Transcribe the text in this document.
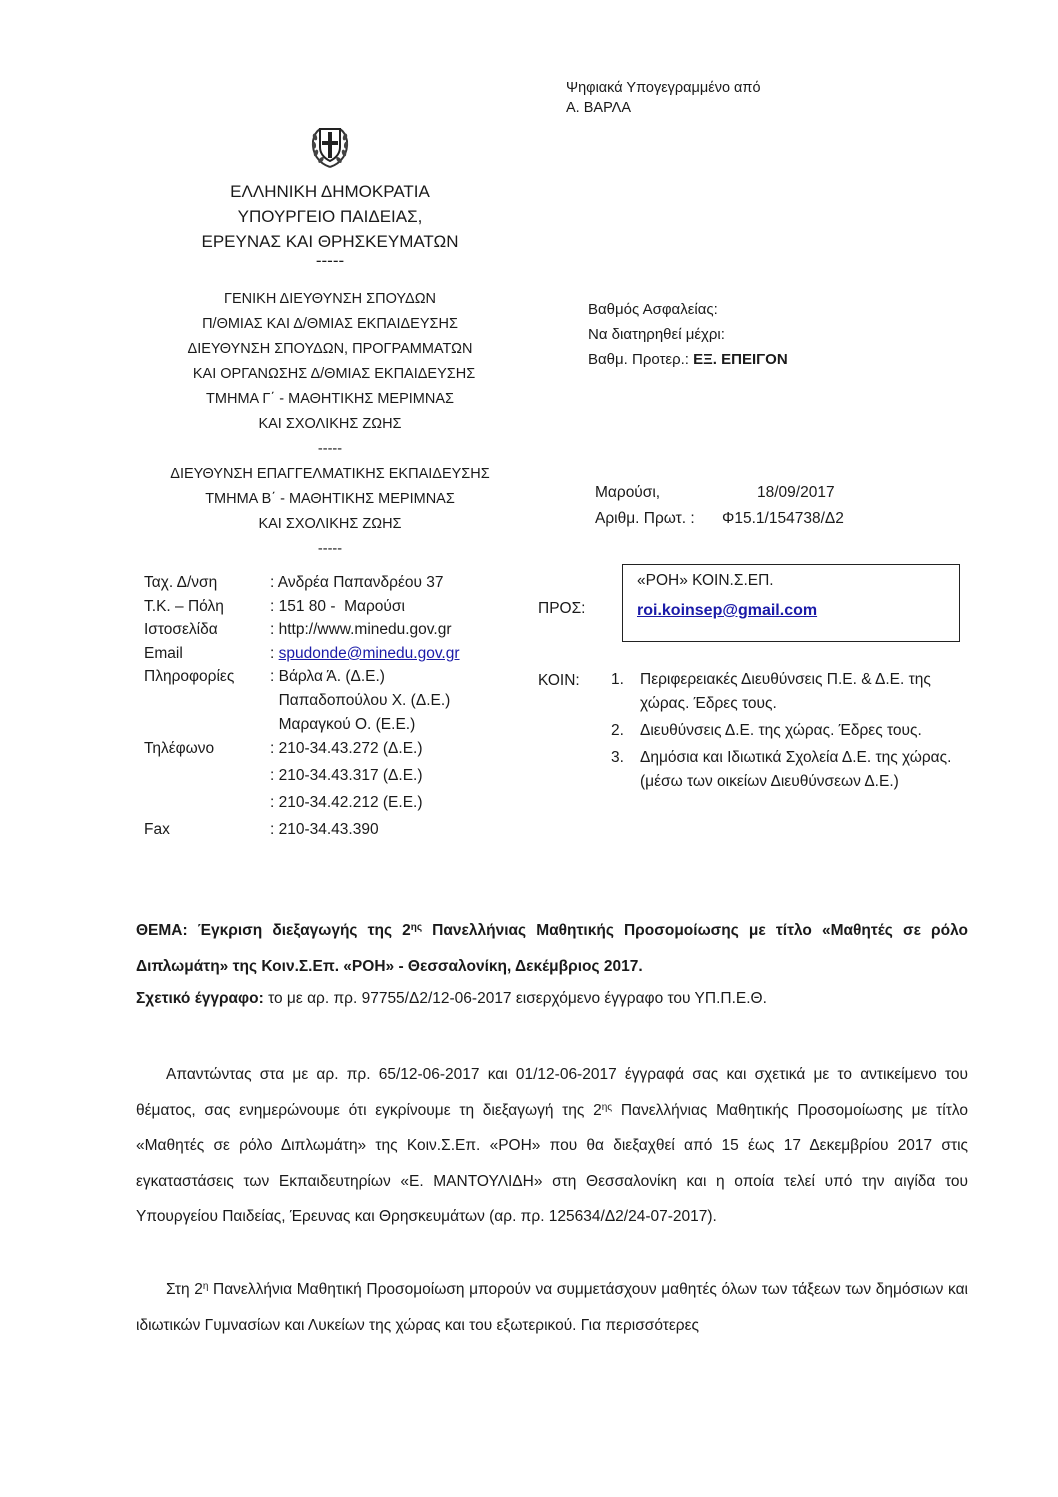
Ψηφιακά Υπογεγραμμένο από
Α. ΒΑΡΛΑ
ΕΛΛΗΝΙΚΗ ΔΗΜΟΚΡΑΤΙΑ
ΥΠΟΥΡΓΕΙΟ ΠΑΙΔΕΙΑΣ,
ΕΡΕΥΝΑΣ ΚΑΙ ΘΡΗΣΚΕΥΜΑΤΩΝ
-----
ΓΕΝΙΚΗ ΔΙΕΥΘΥΝΣΗ ΣΠΟΥΔΩΝ
Π/ΘΜΙΑΣ ΚΑΙ Δ/ΘΜΙΑΣ ΕΚΠΑΙΔΕΥΣΗΣ
ΔΙΕΥΘΥΝΣΗ ΣΠΟΥΔΩΝ, ΠΡΟΓΡΑΜΜΑΤΩΝ
ΚΑΙ ΟΡΓΑΝΩΣΗΣ Δ/ΘΜΙΑΣ ΕΚΠΑΙΔΕΥΣΗΣ
ΤΜΗΜΑ Γ΄ - ΜΑΘΗΤΙΚΗΣ ΜΕΡΙΜΝΑΣ
ΚΑΙ ΣΧΟΛΙΚΗΣ ΖΩΗΣ
-----
ΔΙΕΥΘΥΝΣΗ ΕΠΑΓΓΕΛΜΑΤΙΚΗΣ ΕΚΠΑΙΔΕΥΣΗΣ
ΤΜΗΜΑ Β΄ - ΜΑΘΗΤΙΚΗΣ ΜΕΡΙΜΝΑΣ
ΚΑΙ ΣΧΟΛΙΚΗΣ ΖΩΗΣ
-----
Βαθμός Ασφαλείας:
Να διατηρηθεί μέχρι:
Βαθμ. Προτερ.: ΕΞ. ΕΠΕΙΓΟΝ
Μαρούσι,	18/09/2017
Αριθμ. Πρωτ. : Φ15.1/154738/Δ2
Ταχ. Δ/νση	: Ανδρέα Παπανδρέου 37
Τ.Κ. – Πόλη	: 151 80 -  Μαρούσι
Ιστοσελίδα	: http://www.minedu.gov.gr
Email	: spudonde@minedu.gov.gr
Πληροφορίες : Βάρλα Ά. (Δ.Ε.)
Παπαδοπούλου Χ. (Δ.Ε.)
Μαραγκού Ο. (Ε.Ε.)
Τηλέφωνο	: 210-34.43.272 (Δ.Ε.)
: 210-34.43.317 (Δ.Ε.)
: 210-34.42.212 (Ε.Ε.)
Fax	: 210-34.43.390
ΠΡΟΣ:
«ΡΟΗ» ΚΟΙΝ.Σ.ΕΠ.
roi.koinsep@gmail.com
ΚΟΙΝ: 1. Περιφερειακές Διευθύνσεις Π.Ε. & Δ.Ε. της χώρας. Έδρες τους.
2. Διευθύνσεις Δ.Ε. της χώρας. Έδρες τους.
3. Δημόσια και Ιδιωτικά Σχολεία Δ.Ε. της χώρας.
(μέσω των οικείων Διευθύνσεων Δ.Ε.)
ΘΕΜΑ: Έγκριση διεξαγωγής της $2^{\eta\varsigma}$ Πανελλήνιας Μαθητικής Προσομοίωσης με τίτλο «Μαθητές σε ρόλο Διπλωμάτη» της Κοιν.Σ.Επ. «ΡΟΗ» - Θεσσαλονίκη, Δεκέμβριος 2017.
Σχετικό έγγραφο: το με αρ. πρ. 97755/Δ2/12-06-2017 εισερχόμενο έγγραφο του ΥΠ.Π.Ε.Θ.
Απαντώντας στα με αρ. πρ. 65/12-06-2017 και 01/12-06-2017 έγγραφά σας και σχετικά με το αντικείμενο του θέματος, σας ενημερώνουμε ότι εγκρίνουμε τη διεξαγωγή της $2^{\eta\varsigma}$ Πανελλήνιας Μαθητικής Προσομοίωσης με τίτλο «Μαθητές σε ρόλο Διπλωμάτη» της Κοιν.Σ.Επ. «ΡΟΗ» που θα διεξαχθεί από 15 έως 17 Δεκεμβρίου 2017 στις εγκαταστάσεις των Εκπαιδευτηρίων «Ε. ΜΑΝΤΟΥΛΙΔΗ» στη Θεσσαλονίκη και η οποία τελεί υπό την αιγίδα του Υπουργείου Παιδείας, Έρευνας και Θρησκευμάτων (αρ. πρ. 125634/Δ2/24-07-2017).
Στη $2^\eta$ Πανελλήνια Μαθητική Προσομοίωση μπορούν να συμμετάσχουν μαθητές όλων των τάξεων των δημόσιων και ιδιωτικών Γυμνασίων και Λυκείων της χώρας και του εξωτερικού. Για περισσότερες
